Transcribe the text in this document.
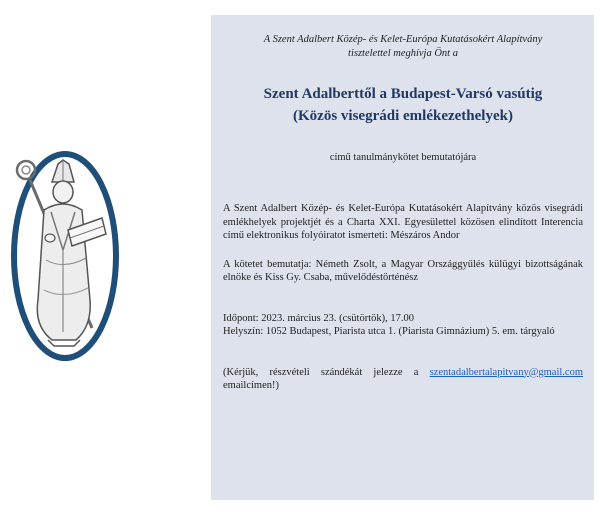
A Szent Adalbert Közép- és Kelet-Európa Kutatásokért Alapítvány

tisztelettel meghívja Önt a

Szent Adalberttől a Budapest-Varsó vasútig
(Közös visegrádi emlékezethelyek)

című tanulmánykötet bemutatójára

A Szent Adalbert Közép- és Kelet-Európa Kutatásokért Alapítvány közös visegrádi emlékhelyek projektjét és a Charta XXI. Egyesülettel közösen elindított Interencia című elektronikus folyóiratot ismerteti: Mészáros Andor

A kötetet bemutatja: Németh Zsolt, a Magyar Országgyűlés külügyi bizottságának elnöke és Kiss Gy. Csaba, művelődéstörténész

Időpont: 2023. március 23. (csütörtök), 17.00
Helyszín: 1052 Budapest, Piarista utca 1. (Piarista Gimnázium) 5. em. tárgyaló

(Kérjük, részvételi szándékát jelezze a szentadalbertalapitvany@gmail.com emailcímen!)
